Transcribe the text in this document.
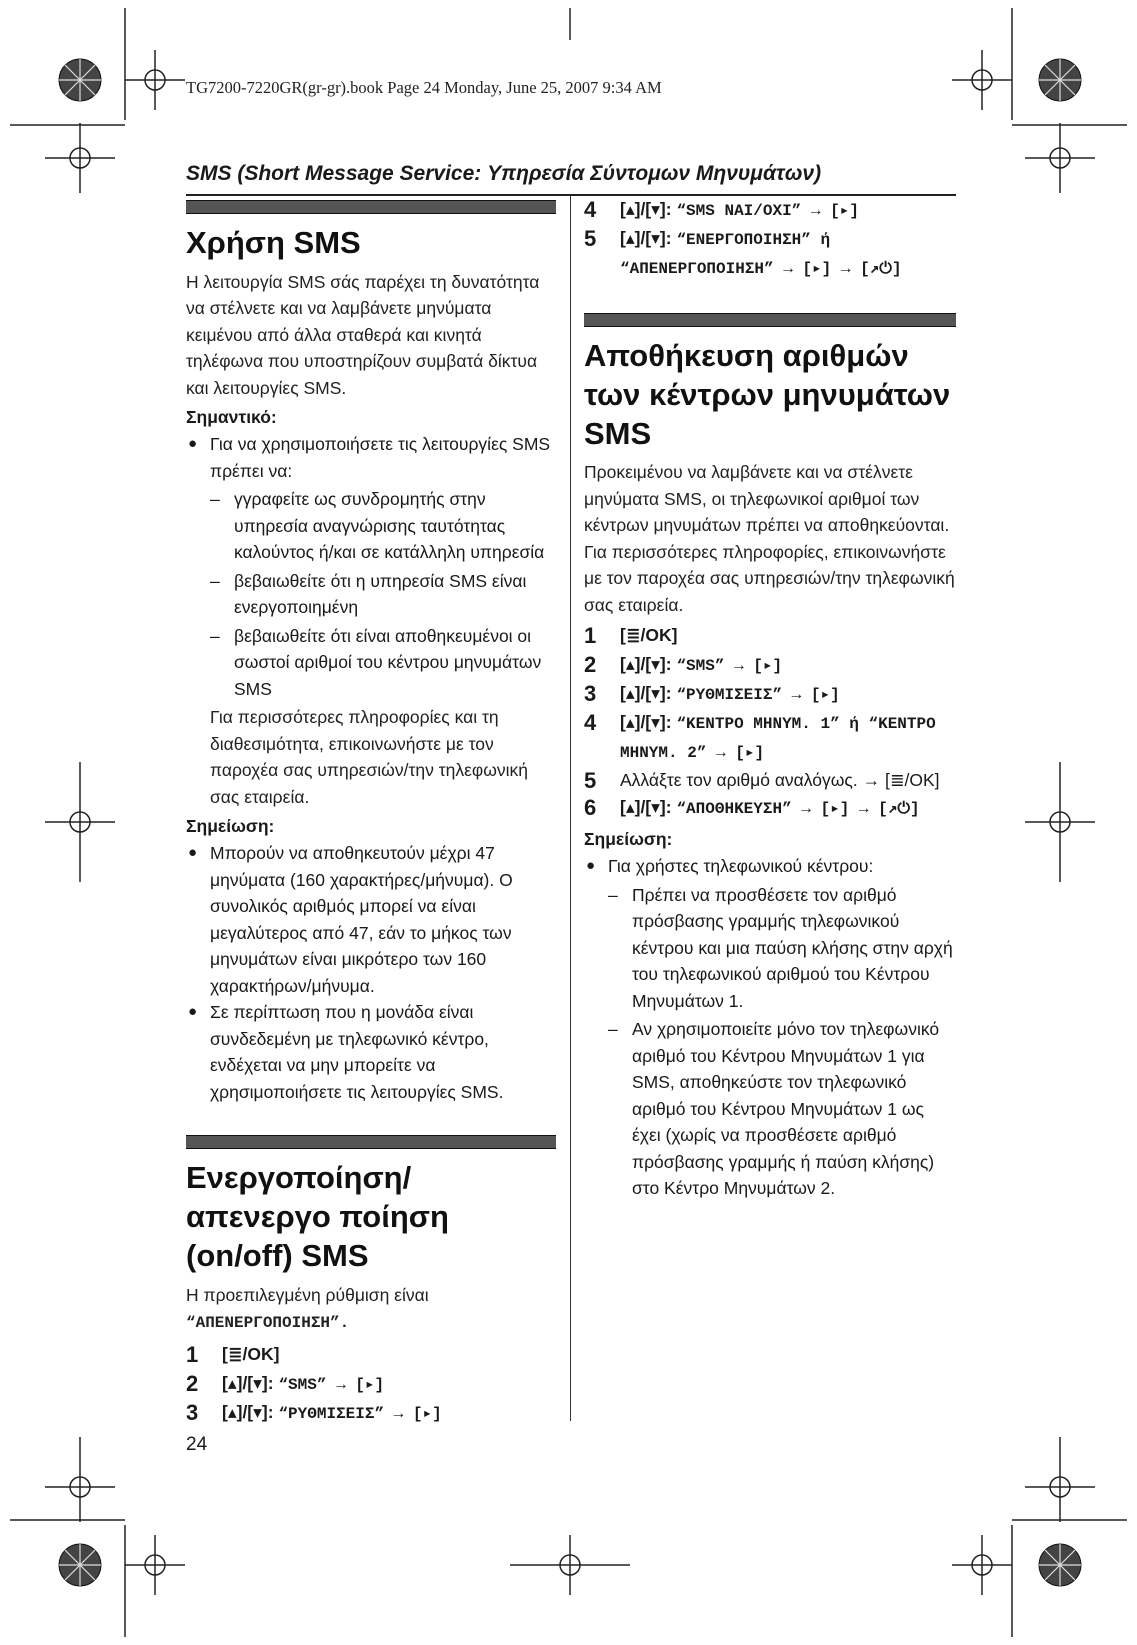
TG7200-7220GR(gr-gr).book Page 24 Monday, June 25, 2007 9:34 AM
SMS (Short Message Service: Υπηρεσία Σύντομων Μηνυμάτων)
Χρήση SMS

Η λειτουργία SMS σάς παρέχει τη δυνατότητα να στέλνετε και να λαμβάνετε μηνύματα κειμένου από άλλα σταθερά και κινητά τηλέφωνα που υποστηρίζουν συμβατά δίκτυα και λειτουργίες SMS.

Σημαντικό:
● Για να χρησιμοποιήσετε τις λειτουργίες SMS πρέπει να:
– γγραφείτε ως συνδρομητής στην υπηρεσία αναγνώρισης ταυτότητας καλούντος ή/και σε κατάλληλη υπηρεσία
– βεβαιωθείτε ότι η υπηρεσία SMS είναι ενεργοποιημένη
– βεβαιωθείτε ότι είναι αποθηκευμένοι οι σωστοί αριθμοί του κέντρου μηνυμάτων SMS

Για περισσότερες πληροφορίες και τη διαθεσιμότητα, επικοινωνήστε με τον παροχέα σας υπηρεσιών/την τηλεφωνική σας εταιρεία.

Σημείωση:
● Μπορούν να αποθηκευτούν μέχρι 47 μηνύματα (160 χαρακτήρες/μήνυμα). Ο συνολικός αριθμός μπορεί να είναι μεγαλύτερος από 47, εάν το μήκος των μηνυμάτων είναι μικρότερο των 160 χαρακτήρων/μήνυμα.
● Σε περίπτωση που η μονάδα είναι συνδεδεμένη με τηλεφωνικό κέντρο, ενδέχεται να μην μπορείτε να χρησιμοποιήσετε τις λειτουργίες SMS.
Ενεργοποίηση/απενεργο ποίηση (on/off) SMS

Η προεπιλεγμένη ρύθμιση είναι
“ΑΠΕΝΕΡΓΟΠΟΙΗΣΗ”.

1	[≣/OK]
2	[▴]/[▾]: “SMS” → [▸]
3	[▴]/[▾]: “ΡΥΘΜΙΣΕΙΣ” → [▸]
4	[▴]/[▾]: “SMS ΝΑΙ/ΟΧΙ” → [▸]
5	[▴]/[▾]: “ΕΝΕΡΓΟΠΟΙΗΣΗ” ή “ΑΠΕΝΕΡΓΟΠΟΙΗΣΗ” → [▸] → [↗⏻]
Αποθήκευση αριθμών των κέντρων μηνυμάτων SMS

Προκειμένου να λαμβάνετε και να στέλνετε μηνύματα SMS, οι τηλεφωνικοί αριθμοί των κέντρων μηνυμάτων πρέπει να αποθηκεύονται. Για περισσότερες πληροφορίες, επικοινωνήστε με τον παροχέα σας υπηρεσιών/την τηλεφωνική σας εταιρεία.

1	[≣/OK]
2	[▴]/[▾]: “SMS” → [▸]
3	[▴]/[▾]: “ΡΥΘΜΙΣΕΙΣ” → [▸]
4	[▴]/[▾]: “ΚΕΝΤΡΟ ΜΗΝΥΜ. 1” ή “ΚΕΝΤΡΟ ΜΗΝΥΜ. 2” → [▸]
5	Αλλάξτε τον αριθμό αναλόγως. → [≣/OK]
6	[▴]/[▾]: “ΑΠΟΘΗΚΕΥΣΗ” → [▸] → [↗⏻]
Σημείωση:
● Για χρήστες τηλεφωνικού κέντρου:
– Πρέπει να προσθέσετε τον αριθμό πρόσβασης γραμμής τηλεφωνικού κέντρου και μια παύση κλήσης στην αρχή του τηλεφωνικού αριθμού του Κέντρου Μηνυμάτων 1.
– Αν χρησιμοποιείτε μόνο τον τηλεφωνικό αριθμό του Κέντρου Μηνυμάτων 1 για SMS, αποθηκεύστε τον τηλεφωνικό αριθμό του Κέντρου Μηνυμάτων 1 ως έχει (χωρίς να προσθέσετε αριθμό πρόσβασης γραμμής ή παύση κλήσης) στο Κέντρο Μηνυμάτων 2.
24
